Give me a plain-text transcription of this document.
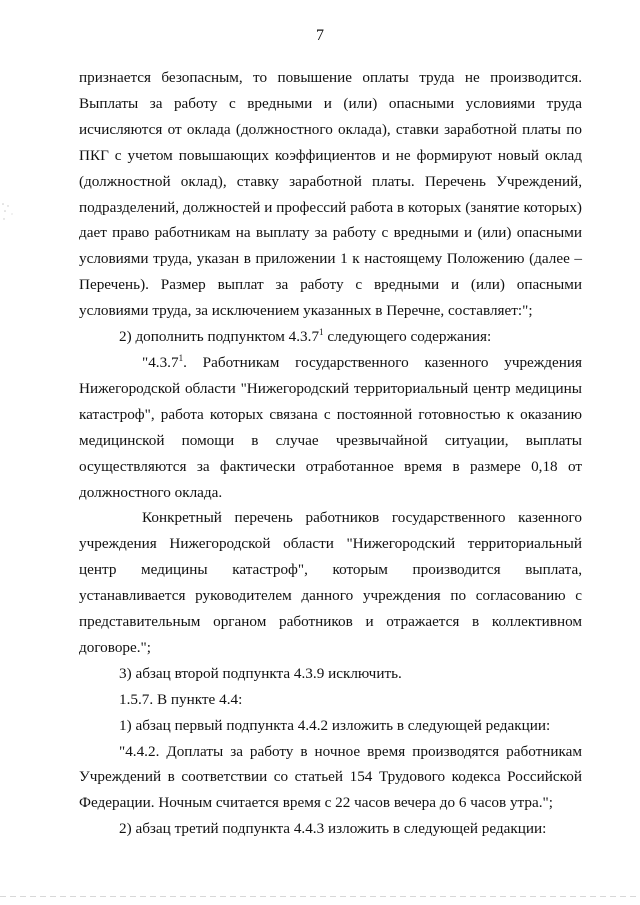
7

признается безопасным, то повышение оплаты труда не производится. Выплаты за работу с вредными и (или) опасными условиями труда исчисляются от оклада (должностного оклада), ставки заработной платы по ПКГ с учетом повышающих коэффициентов и не формируют новый оклад (должностной оклад), ставку заработной платы. Перечень Учреждений, подразделений, должностей и профессий работа в которых (занятие которых) дает право работникам на выплату за работу с вредными и (или) опасными условиями труда, указан в приложении 1 к настоящему Положению (далее – Перечень). Размер выплат за работу с вредными и (или) опасными условиями труда, за исключением указанных в Перечне, составляет:";

2) дополнить подпунктом 4.3.7$^1$ следующего содержания:

"4.3.7$^1$. Работникам государственного казенного учреждения Нижегородской области "Нижегородский территориальный центр медицины катастроф", работа которых связана с постоянной готовностью к оказанию медицинской помощи в случае чрезвычайной ситуации, выплаты осуществляются за фактически отработанное время в размере 0,18 от должностного оклада.

Конкретный перечень работников государственного казенного учреждения Нижегородской области "Нижегородский территориальный центр медицины катастроф", которым производится выплата, устанавливается руководителем данного учреждения по согласованию с представительным органом работников и отражается в коллективном договоре.";

3) абзац второй подпункта 4.3.9 исключить.

1.5.7. В пункте 4.4:

1) абзац первый подпункта 4.4.2 изложить в следующей редакции:

"4.4.2. Доплаты за работу в ночное время производятся работникам Учреждений в соответствии со статьей 154 Трудового кодекса Российской Федерации. Ночным считается время с 22 часов вечера до 6 часов утра.";

2) абзац третий подпункта 4.4.3 изложить в следующей редакции:
